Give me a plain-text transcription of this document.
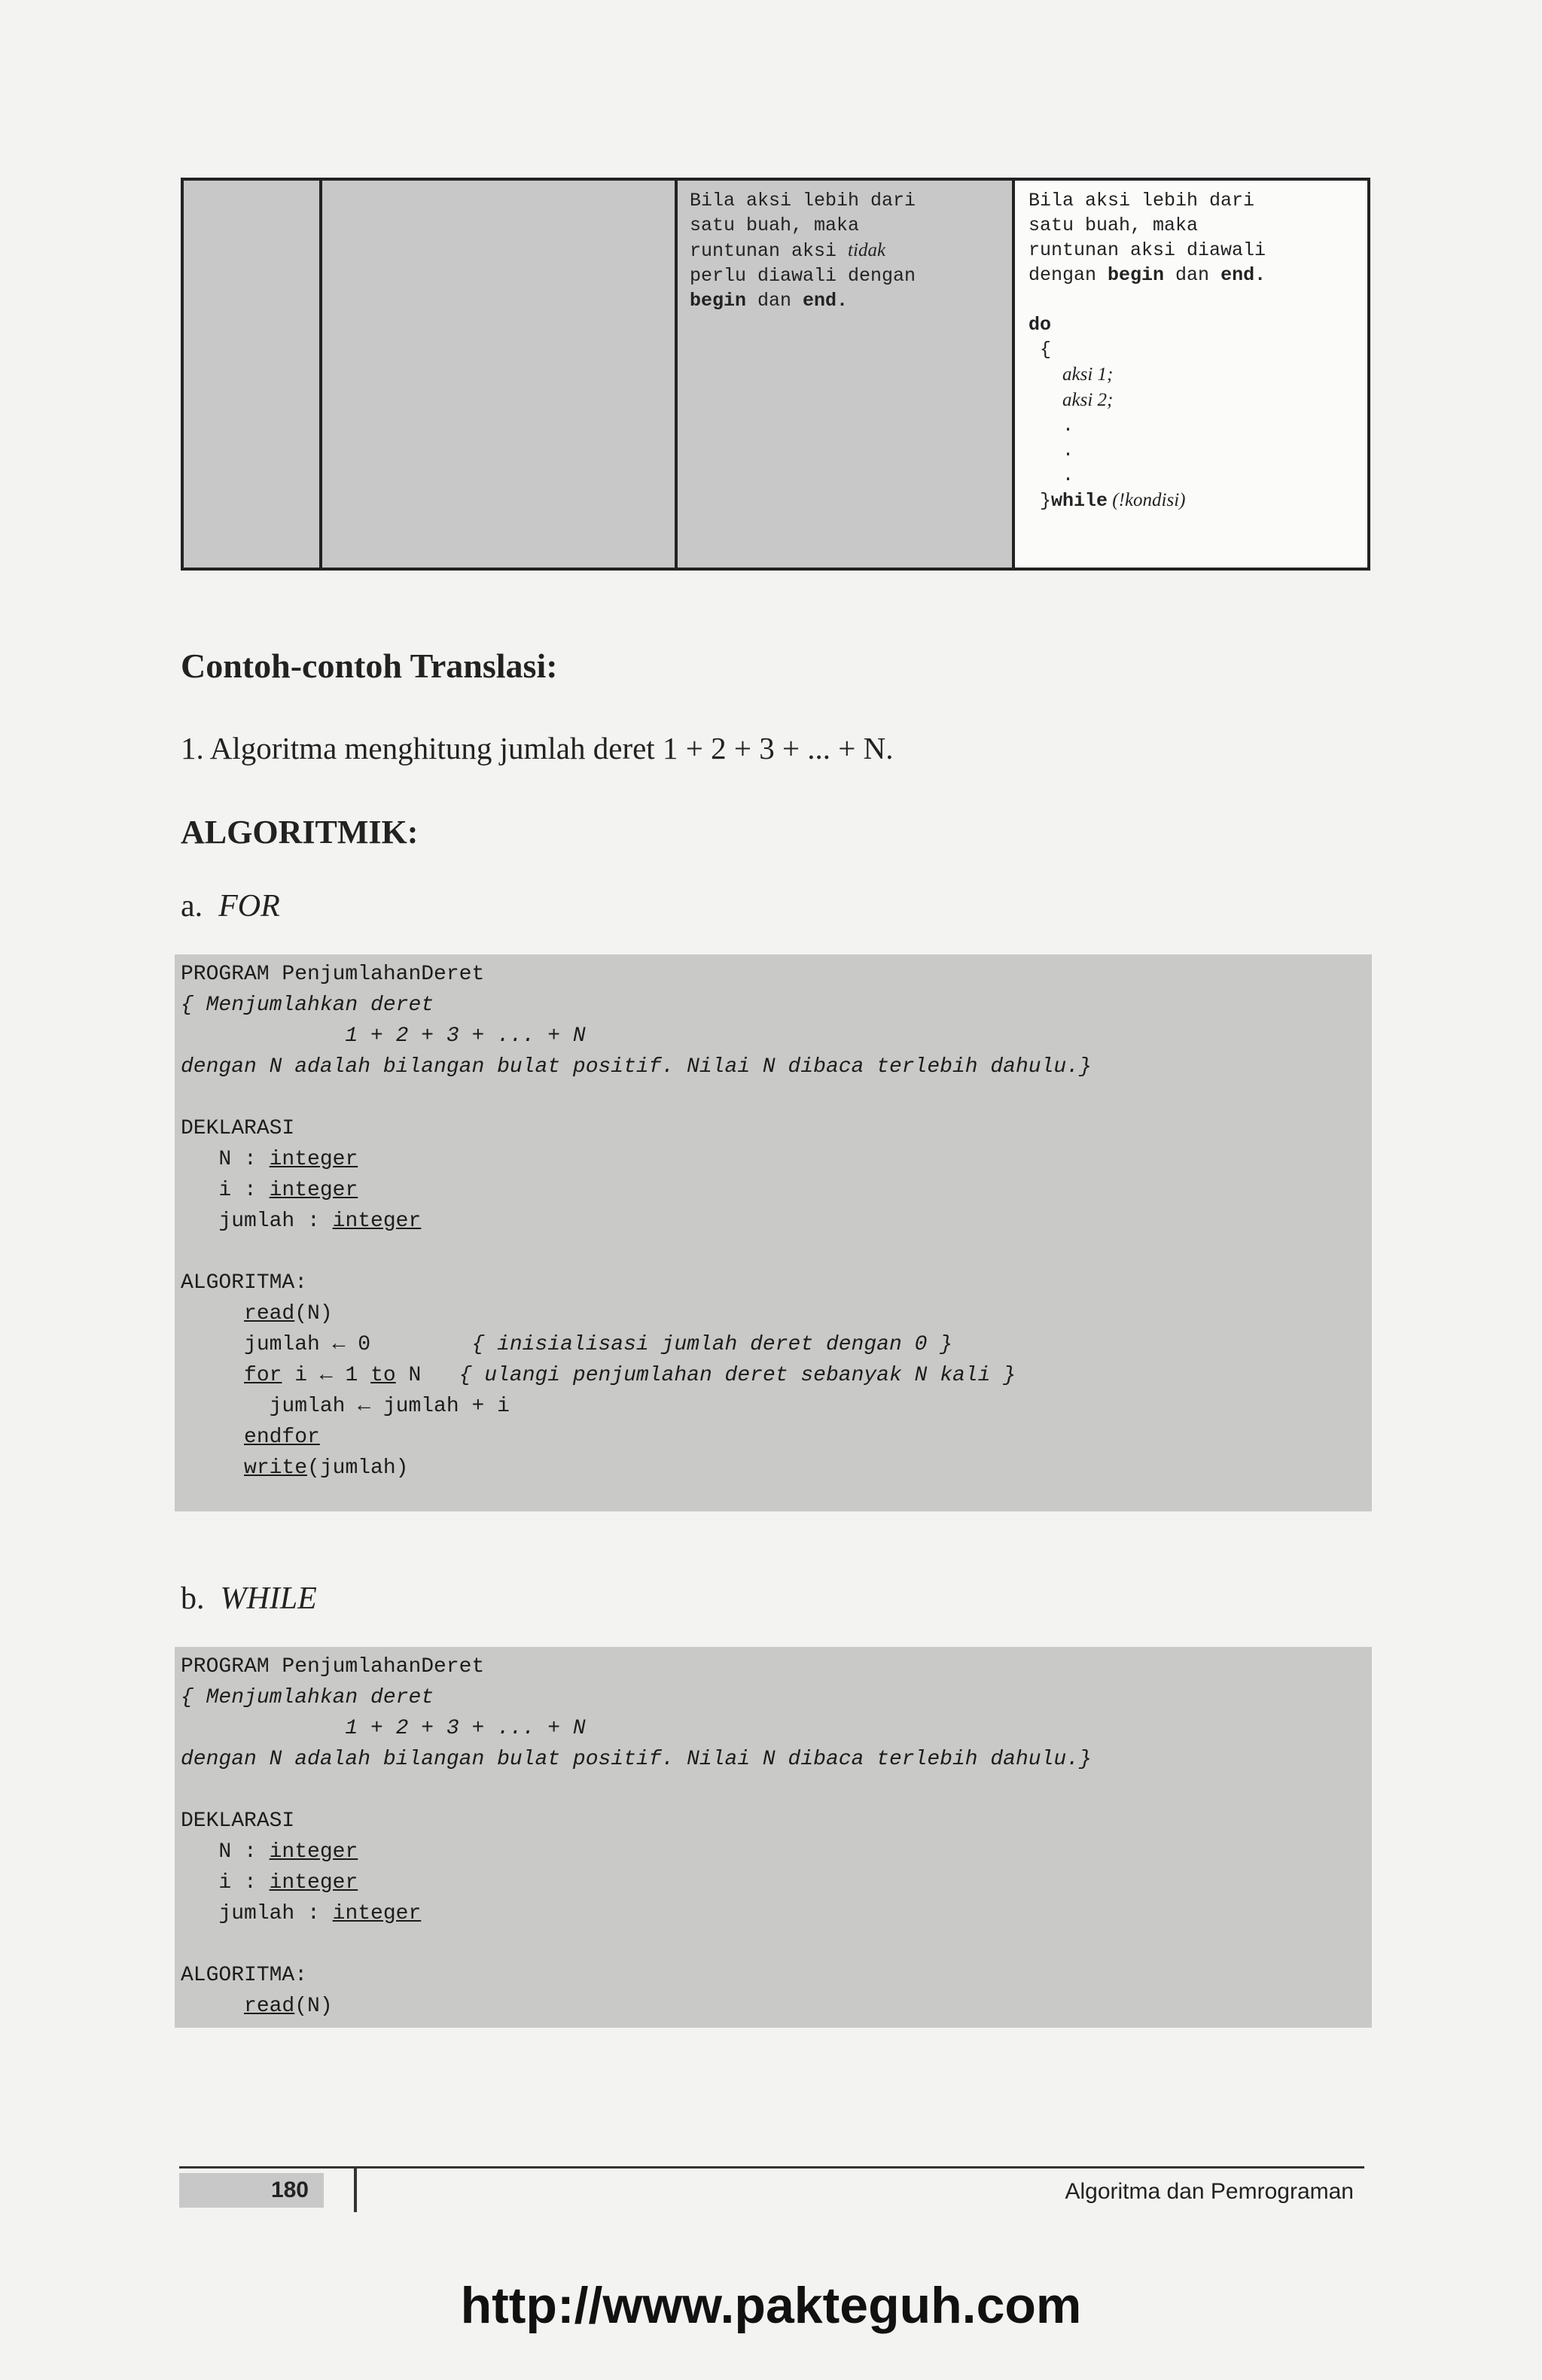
Bila aksi lebih dari
satu buah, maka
runtunan aksi tidak
perlu diawali dengan
begin dan end.
Bila aksi lebih dari
satu buah, maka
runtunan aksi diawali
dengan begin dan end.

do
{
aksi 1;
aksi 2;
.
.
.
}while (!kondisi)
Contoh-contoh Translasi:

1. Algoritma menghitung jumlah deret 1 + 2 + 3 + ... + N.

ALGORITMIK:

a. FOR

PROGRAM PenjumlahanDeret
{ Menjumlahkan deret
1 + 2 + 3 + ... + N
dengan N adalah bilangan bulat positif. Nilai N dibaca terlebih dahulu.}

DEKLARASI
N : integer
i : integer
jumlah : integer

ALGORITMA:
read(N)
jumlah ← 0        { inisialisasi jumlah deret dengan 0 }
for i ← 1 to N   { ulangi penjumlahan deret sebanyak N kali }
jumlah ← jumlah + i
endfor
write(jumlah)

b. WHILE

PROGRAM PenjumlahanDeret
{ Menjumlahkan deret
1 + 2 + 3 + ... + N
dengan N adalah bilangan bulat positif. Nilai N dibaca terlebih dahulu.}

DEKLARASI
N : integer
i : integer
jumlah : integer

ALGORITMA:
read(N)
180	Algoritma dan Pemrograman
http://www.pakteguh.com
